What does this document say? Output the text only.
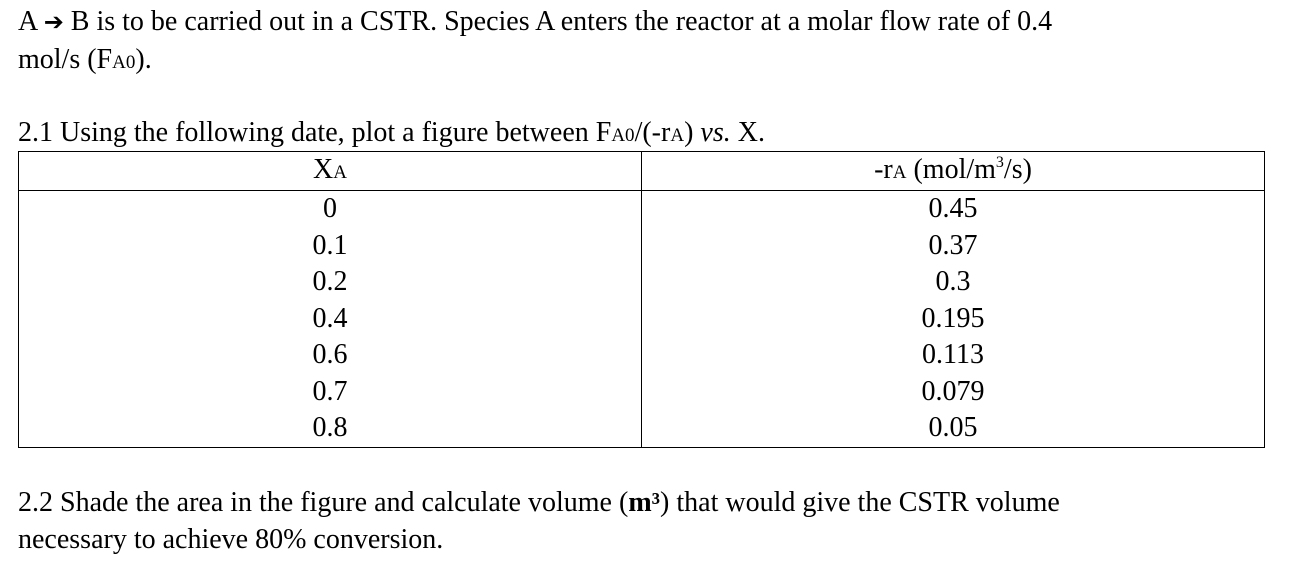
A ➔ B is to be carried out in a CSTR. Species A enters the reactor at a molar flow rate of 0.4
mol/s (FA0).
2.1 Using the following date, plot a figure between FA0/(-rA) vs. X.
XA	-rA $(mol/m^3/s)$
0	0.45
0.1	0.37
0.2	0.3
0.4	0.195
0.6	0.113
0.7	0.079
0.8	0.05
2.2 Shade the area in the figure and calculate volume (m³) that would give the CSTR volume
necessary to achieve 80% conversion.
